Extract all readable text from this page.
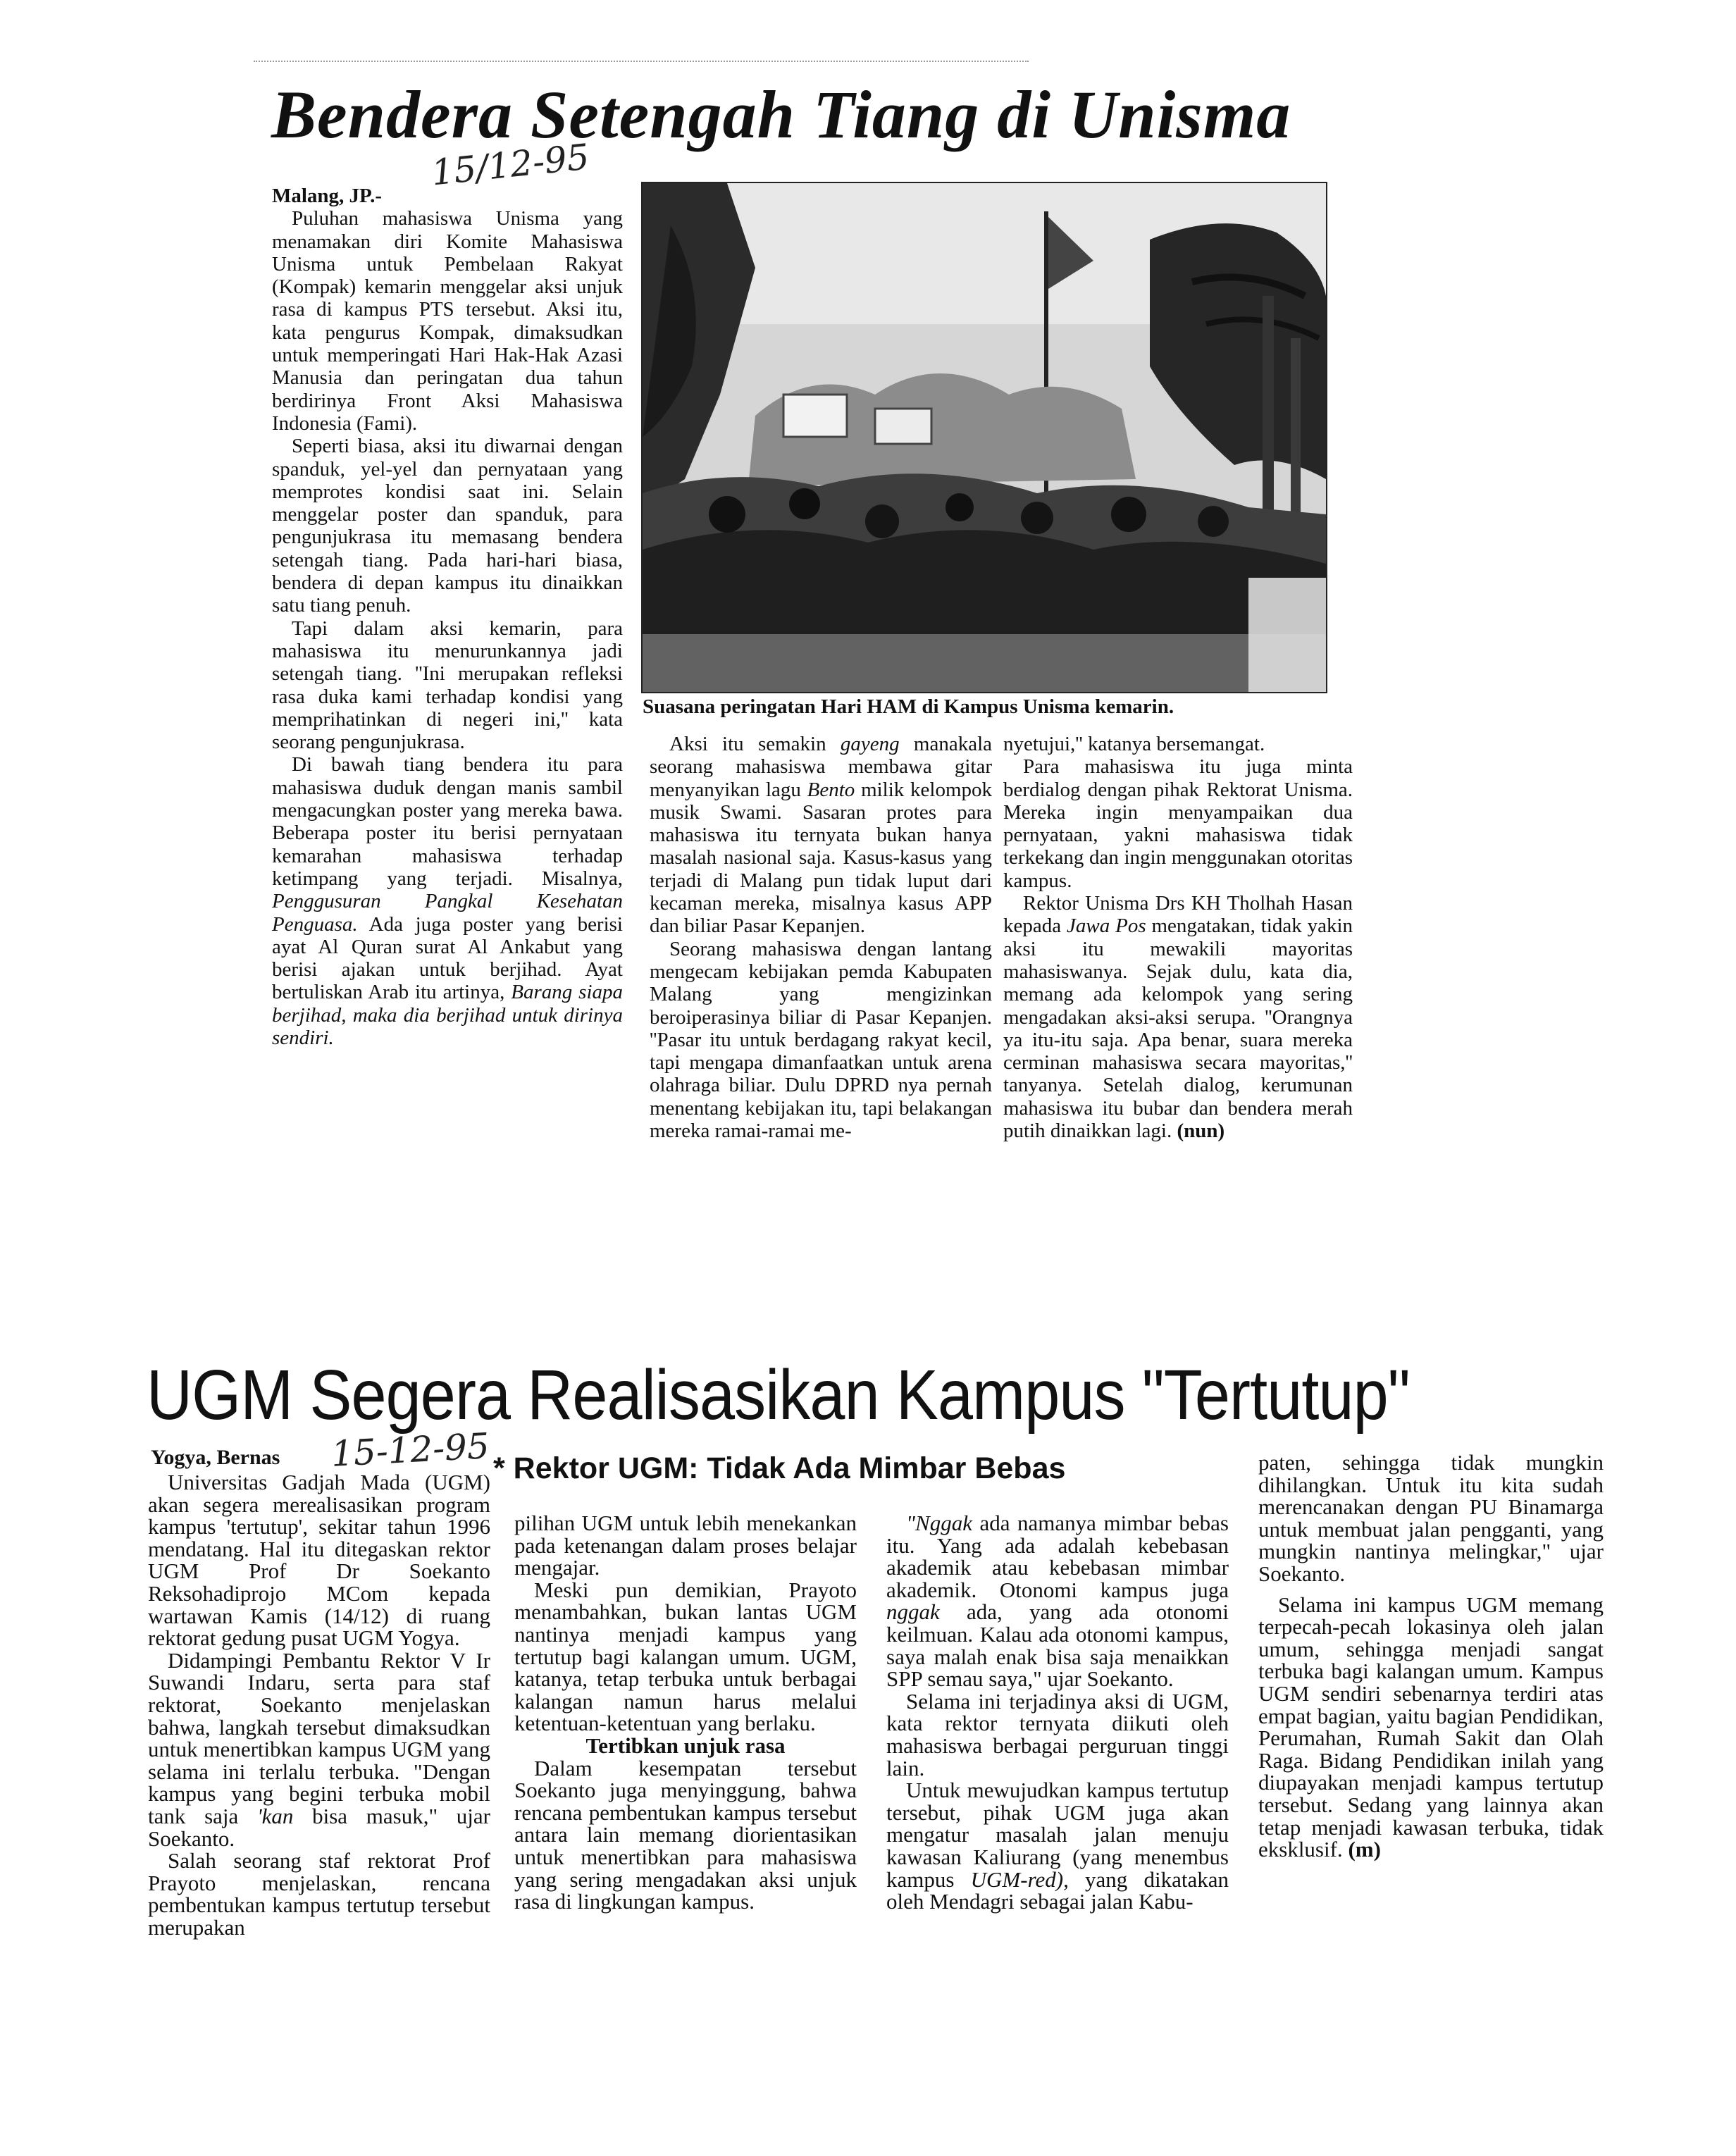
Bendera Setengah Tiang di Unisma
15/12-95

Malang, JP.-

Puluhan mahasiswa Unisma yang menamakan diri Komite Mahasiswa Unisma untuk Pembelaan Rakyat (Kompak) kemarin menggelar aksi unjuk rasa di kampus PTS tersebut. Aksi itu, kata pengurus Kompak, dimaksudkan untuk memperingati Hari Hak-Hak Azasi Manusia dan peringatan dua tahun berdirinya Front Aksi Mahasiswa Indonesia (Fami).

Seperti biasa, aksi itu diwarnai dengan spanduk, yel-yel dan pernyataan yang memprotes kondisi saat ini. Selain menggelar poster dan spanduk, para pengunjukrasa itu memasang bendera setengah tiang. Pada hari-hari biasa, bendera di depan kampus itu dinaikkan satu tiang penuh.

Tapi dalam aksi kemarin, para mahasiswa itu menurunkannya jadi setengah tiang. ''Ini merupakan refleksi rasa duka kami terhadap kondisi yang memprihatinkan di negeri ini,'' kata seorang pengunjukrasa.

Di bawah tiang bendera itu para mahasiswa duduk dengan manis sambil mengacungkan poster yang mereka bawa. Beberapa poster itu berisi pernyataan kemarahan mahasiswa terhadap ketimpang yang terjadi. Misalnya, Penggusuran Pangkal Kesehatan Penguasa. Ada juga poster yang berisi ayat Al Quran surat Al Ankabut yang berisi ajakan untuk berjihad. Ayat bertuliskan Arab itu artinya, Barang siapa berjihad, maka dia berjihad untuk dirinya sendiri.

Suasana peringatan Hari HAM di Kampus Unisma kemarin.

Aksi itu semakin gayeng manakala seorang mahasiswa membawa gitar menyanyikan lagu Bento milik kelompok musik Swami. Sasaran protes para mahasiswa itu ternyata bukan hanya masalah nasional saja. Kasus-kasus yang terjadi di Malang pun tidak luput dari kecaman mereka, misalnya kasus APP dan biliar Pasar Kepanjen.

Seorang mahasiswa dengan lantang mengecam kebijakan pemda Kabupaten Malang yang mengizinkan beroiperasinya biliar di Pasar Kepanjen. ''Pasar itu untuk berdagang rakyat kecil, tapi mengapa dimanfaatkan untuk arena olahraga biliar. Dulu DPRD nya pernah menentang kebijakan itu, tapi belakangan mereka ramai-ramai me-

nyetujui,'' katanya bersemangat.

Para mahasiswa itu juga minta berdialog dengan pihak Rektorat Unisma. Mereka ingin menyampaikan dua pernyataan, yakni mahasiswa tidak terkekang dan ingin menggunakan otoritas kampus.

Rektor Unisma Drs KH Tholhah Hasan kepada Jawa Pos mengatakan, tidak yakin aksi itu mewakili mayoritas mahasiswanya. Sejak dulu, kata dia, memang ada kelompok yang sering mengadakan aksi-aksi serupa. ''Orangnya ya itu-itu saja. Apa benar, suara mereka cerminan mahasiswa secara mayoritas,'' tanyanya. Setelah dialog, kerumunan mahasiswa itu bubar dan bendera merah putih dinaikkan lagi. (nun)

UGM Segera Realisasikan Kampus "Tertutup"
Yogya, Bernas 15-12-95 * Rektor UGM: Tidak Ada Mimbar Bebas

Universitas Gadjah Mada (UGM) akan segera merealisasikan program kampus 'tertutup', sekitar tahun 1996 mendatang. Hal itu ditegaskan rektor UGM Prof Dr Soekanto Reksohadiprojo MCom kepada wartawan Kamis (14/12) di ruang rektorat gedung pusat UGM Yogya.

Didampingi Pembantu Rektor V Ir Suwandi Indaru, serta para staf rektorat, Soekanto menjelaskan bahwa, langkah tersebut dimaksudkan untuk menertibkan kampus UGM yang selama ini terlalu terbuka. "Dengan kampus yang begini terbuka mobil tank saja 'kan bisa masuk," ujar Soekanto.

Salah seorang staf rektorat Prof Prayoto menjelaskan, rencana pembentukan kampus tertutup tersebut merupakan

pilihan UGM untuk lebih menekankan pada ketenangan dalam proses belajar mengajar.

Meski pun demikian, Prayoto menambahkan, bukan lantas UGM nantinya menjadi kampus yang tertutup bagi kalangan umum. UGM, katanya, tetap terbuka untuk berbagai kalangan namun harus melalui ketentuan-ketentuan yang berlaku.

Tertibkan unjuk rasa

Dalam kesempatan tersebut Soekanto juga menyinggung, bahwa rencana pembentukan kampus tersebut antara lain memang diorientasikan untuk menertibkan para mahasiswa yang sering mengadakan aksi unjuk rasa di lingkungan kampus.

"Nggak ada namanya mimbar bebas itu. Yang ada adalah kebebasan akademik atau kebebasan mimbar akademik. Otonomi kampus juga nggak ada, yang ada otonomi keilmuan. Kalau ada otonomi kampus, saya malah enak bisa saja menaikkan SPP semau saya," ujar Soekanto.

Selama ini terjadinya aksi di UGM, kata rektor ternyata diikuti oleh mahasiswa berbagai perguruan tinggi lain.

Untuk mewujudkan kampus tertutup tersebut, pihak UGM juga akan mengatur masalah jalan menuju kawasan Kaliurang (yang menembus kampus UGM-red), yang dikatakan oleh Mendagri sebagai jalan Kabu-

paten, sehingga tidak mungkin dihilangkan. Untuk itu kita sudah merencanakan dengan PU Binamarga untuk membuat jalan pengganti, yang mungkin nantinya melingkar," ujar Soekanto.

Selama ini kampus UGM memang terpecah-pecah lokasinya oleh jalan umum, sehingga menjadi sangat terbuka bagi kalangan umum. Kampus UGM sendiri sebenarnya terdiri atas empat bagian, yaitu bagian Pendidikan, Perumahan, Rumah Sakit dan Olah Raga. Bidang Pendidikan inilah yang diupayakan menjadi kampus tertutup tersebut. Sedang yang lainnya akan tetap menjadi kawasan terbuka, tidak eksklusif. (m)
